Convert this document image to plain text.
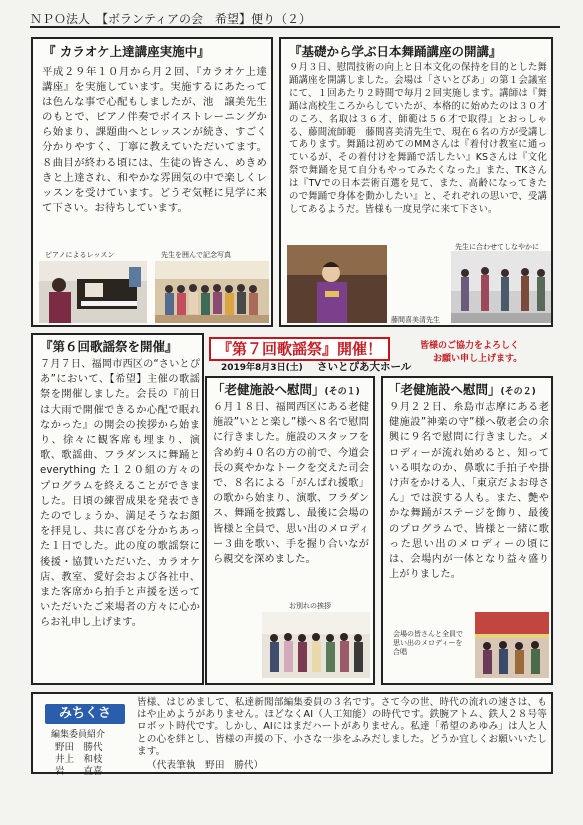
ＮＰＯ法人　【ボランティアの会　希望】便り（２）
『 カラオケ上達講座実施中』
平成２９年１０月から月２回、『カラオケ上達講座』を実施しています。実施するにあたっては色んな事で心配もしましたが、池　譲美先生のもとで、ピアノ伴奏でボイストレーニングから始まり、課題曲へとレッスンが続き、すごく分かりやすく、丁寧に教えていただいてます。８曲目が終わる頃には、生徒の皆さん、めきめきと上達され、和やかな雰囲気の中で楽しくレッスンを受けています。どうぞ気軽に見学に来て下さい。お待ちしています。
ピアノによるレッスン	先生を囲んで記念写真
『基礎から学ぶ日本舞踊講座の開講』
９月３日、慰問技術の向上と日本文化の保持を目的とした舞踊講座を開講しました。会場は「さいとぴあ」の第１会議室にて、１回あたり２時間で毎月２回実施します。講師は『舞踊は高校生ころからしていたが、本格的に始めたのは３０才のころ、名取は３６才、師範は５６才で取得』とおっしゃる、藤間流師範　藤間喜美清先生で、現在６名の方が受講してあります。舞踊は初めてのMMさんは『着付け教室に通っているが、その着付けを舞踊で活したい』KSさんは『文化祭で舞踊を見て自分もやってみたくなった』また、TKさんは『TVでの日本芸術百選を見て、また、高齢になってきたので舞踊で身体を動かしたい』と、それぞれの思いで、受講してあるようだ。皆様も一度見学に来て下さい。
藤間喜美清先生
先生に合わせてしなやかに
『第６回歌謡祭を開催』
７月７日、福岡市西区の“さいとぴあ”において、【希望】主催の歌謡祭を開催しました。会長の『前日は大雨で開催できるか心配で眠れなかった』の開会の挨拶から始まり、徐々に観客席も埋まり、演歌、歌謡曲、フラダンスに舞踊と everything た１２０組の方々のプログラムを終えることができました。日頃の練習成果を発表できたのでしょうか、満足そうなお顔を拝見し、共に喜びを分かちあった１日でした。此の度の歌謡祭に後援・協賛いただいた、カラオケ店、教室、愛好会および各社中、また客席から拍手と声援を送っていただいたご来場者の方々に心からお礼申し上げます。
『第７回歌謡祭』開催！	皆様のご協力をよろしく
お願い申し上げます。
2019年8月3日(土) さいとぴあ大ホール
「老健施設へ慰問」(その１)
６月１８日、福岡西区にある老健施設”いとと楽し”様へ８名で慰問に行きました。施設のスタッフを含め約４０名の方の前で、今道会長の爽やかなトークを交えた司会で、８名による「がんばれ援歌」の歌から始まり、演歌、フラダンス、舞踊を披露し、最後に会場の皆様と全員で、思い出のメロディー３曲を歌い、手を握り合いながら親交を深めました。
お別れの挨拶
「老健施設へ慰問」(その２)
９月２２日、糸島市志摩にある老健施設”神楽の守”様へ敬老会の余興に９名で慰問に行きました。メロディーが流れ始めると、知っている唄なのか、鼻歌に手拍子や掛け声をかける人、「東京だよお母さん」では涙する人も。また、艶やかな舞踊がステージを飾り、最後のプログラムで、皆様と一緒に歌った思い出のメロディーの頃には、会場内が一体となり益々盛り上がりました。
会場の皆さんと全員で思い出のメロディーを合唱
みちくさ
編集委員紹介
野田　勝代
井上　和枝
岩　　直喜
皆様、はじめまして、私達新聞部編集委員の３名です。さて今の世、時代の流れの速さは、もはや止めようがありません。ほどなくAI（人工知能）の時代です。鉄腕アトム、鉄人２８号等ロボット時代です。しかし、AIにはまだハートがありません。私達「希望のあゆみ」は人と人との心を絆とし、皆様の声援の下、小さな一歩をふみだしました。どうか宜しくお願いいたします。
（代表筆執　野田　勝代）
